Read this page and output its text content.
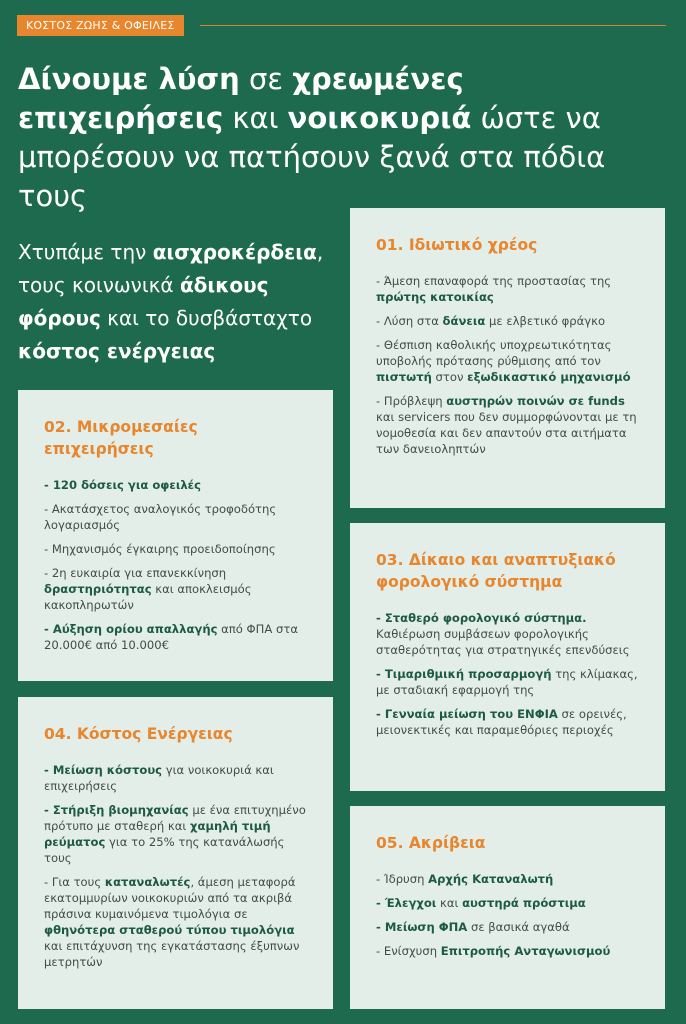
ΚΟΣΤΟΣ ΖΩΗΣ & ΟΦΕΙΛΕΣ
Δίνουμε λύση σε χρεωμένες επιχειρήσεις και νοικοκυριά ώστε να μπορέσουν να πατήσουν ξανά στα πόδια τους
Χτυπάμε την αισχροκέρδεια, τους κοινωνικά άδικους φόρους και το δυσβάσταχτο κόστος ενέργειας
01. Ιδιωτικό χρέος
- Άμεση επαναφορά της προστασίας της πρώτης κατοικίας
- Λύση στα δάνεια με ελβετικό φράγκο
- Θέσπιση καθολικής υποχρεωτικότητας υποβολής πρότασης ρύθμισης από τον πιστωτή στον εξωδικαστικό μηχανισμό
- Πρόβλεψη αυστηρών ποινών σε funds και servicers που δεν συμμορφώνονται με τη νομοθεσία και δεν απαντούν στα αιτήματα των δανειοληπτών
02. Μικρομεσαίες επιχειρήσεις
- 120 δόσεις για οφειλές
- Ακατάσχετος αναλογικός τροφοδότης λογαριασμός
- Μηχανισμός έγκαιρης προειδοποίησης
- 2η ευκαιρία για επανεκκίνηση δραστηριότητας και αποκλεισμός κακοπληρωτών
- Αύξηση ορίου απαλλαγής από ΦΠΑ στα 20.000€ από 10.000€
03. Δίκαιο και αναπτυξιακό φορολογικό σύστημα
- Σταθερό φορολογικό σύστημα. Καθιέρωση συμβάσεων φορολογικής σταθερότητας για στρατηγικές επενδύσεις
- Τιμαριθμική προσαρμογή της κλίμακας, με σταδιακή εφαρμογή της
- Γενναία μείωση του ΕΝΦΙΑ σε ορεινές, μειονεκτικές και παραμεθόριες περιοχές
04. Κόστος Ενέργειας
- Μείωση κόστους για νοικοκυριά και επιχειρήσεις
- Στήριξη βιομηχανίας με ένα επιτυχημένο πρότυπο με σταθερή και χαμηλή τιμή ρεύματος για το 25% της κατανάλωσής τους
- Για τους καταναλωτές, άμεση μεταφορά εκατομμυρίων νοικοκυριών από τα ακριβά πράσινα κυμαινόμενα τιμολόγια σε φθηνότερα σταθερού τύπου τιμολόγια και επιτάχυνση της εγκατάστασης έξυπνων μετρητών
05. Ακρίβεια
- Ίδρυση Αρχής Καταναλωτή
- Έλεγχοι και αυστηρά πρόστιμα
- Μείωση ΦΠΑ σε βασικά αγαθά
- Ενίσχυση Επιτροπής Ανταγωνισμού
